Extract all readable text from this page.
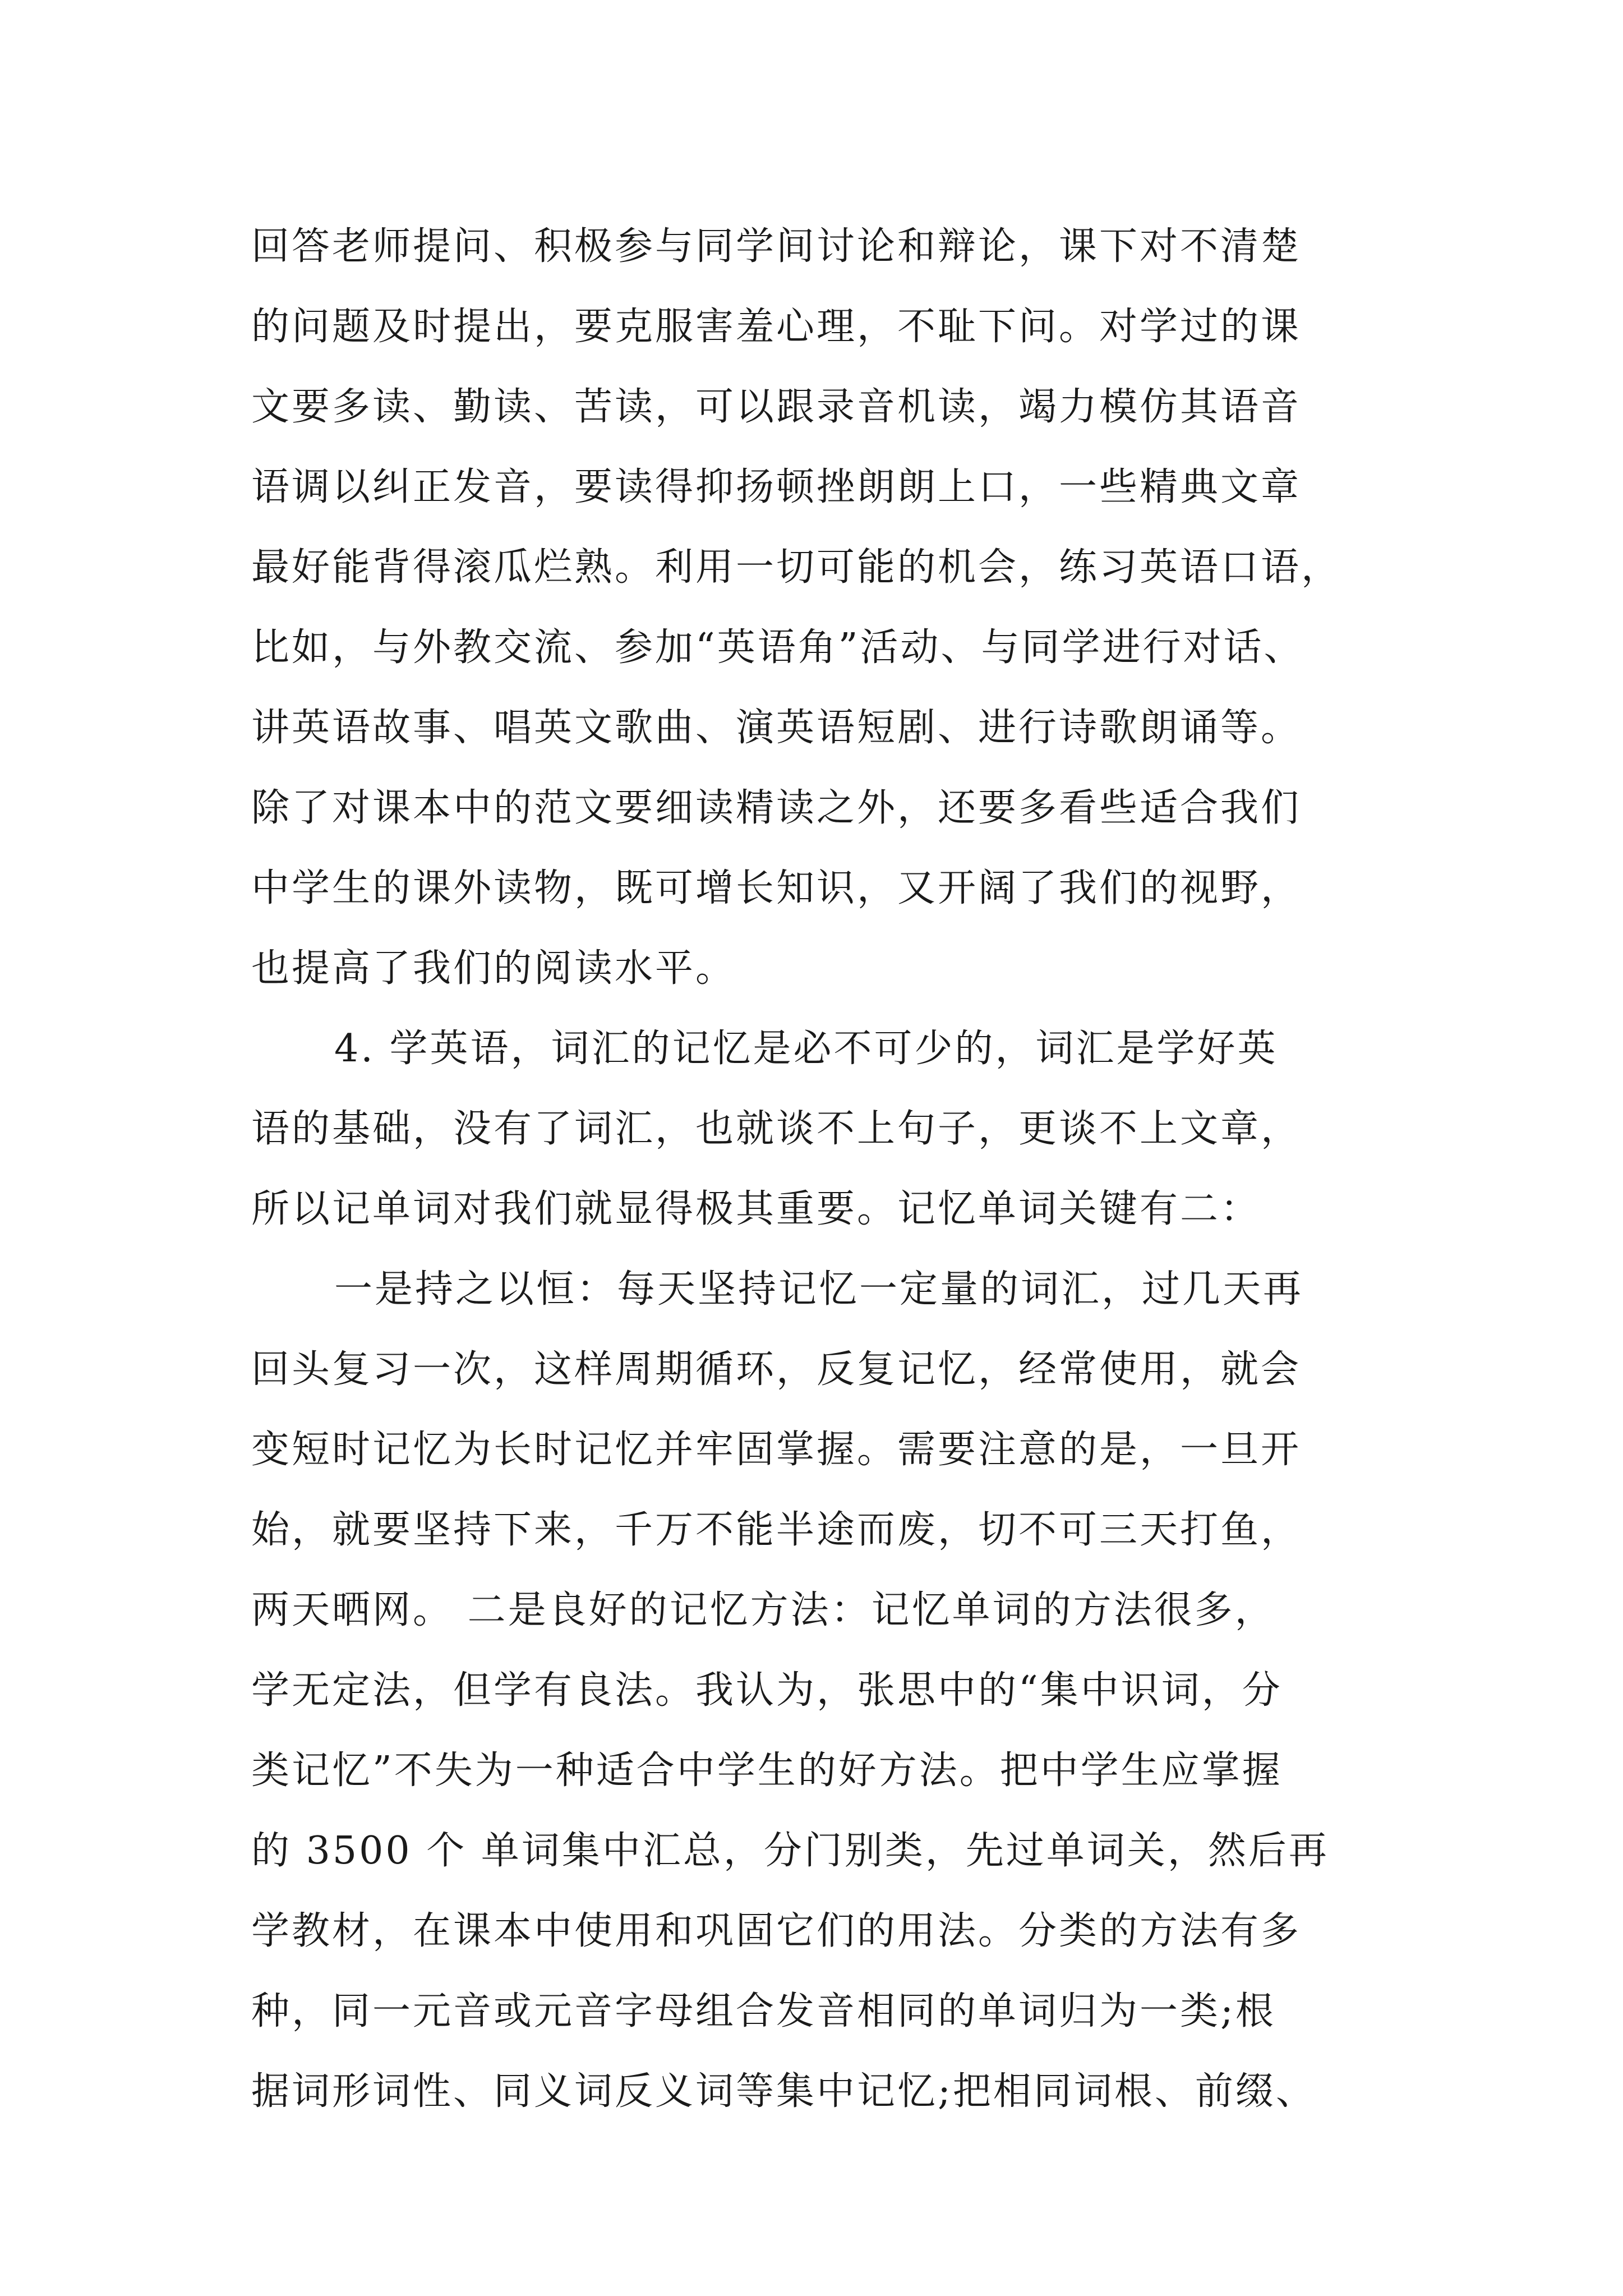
回答老师提问、积极参与同学间讨论和辩论，课下对不清楚
的问题及时提出，要克服害羞心理，不耻下问。对学过的课
文要多读、勤读、苦读，可以跟录音机读，竭力模仿其语音
语调以纠正发音，要读得抑扬顿挫朗朗上口，一些精典文章
最好能背得滚瓜烂熟。利用一切可能的机会，练习英语口语，
比如，与外教交流、参加“英语角”活动、与同学进行对话、
讲英语故事、唱英文歌曲、演英语短剧、进行诗歌朗诵等。
除了对课本中的范文要细读精读之外，还要多看些适合我们
中学生的课外读物，既可增长知识，又开阔了我们的视野，
也提高了我们的阅读水平。
4. 学英语，词汇的记忆是必不可少的，词汇是学好英
语的基础，没有了词汇，也就谈不上句子，更谈不上文章，
所以记单词对我们就显得极其重要。记忆单词关键有二：
一是持之以恒：每天坚持记忆一定量的词汇，过几天再
回头复习一次，这样周期循环，反复记忆，经常使用，就会
变短时记忆为长时记忆并牢固掌握。需要注意的是，一旦开
始，就要坚持下来，千万不能半途而废，切不可三天打鱼，
两天晒网。 二是良好的记忆方法：记忆单词的方法很多，
学无定法，但学有良法。我认为，张思中的“集中识词，分
类记忆”不失为一种适合中学生的好方法。把中学生应掌握
的 3500 个 单词集中汇总，分门别类，先过单词关，然后再
学教材，在课本中使用和巩固它们的用法。分类的方法有多
种，同一元音或元音字母组合发音相同的单词归为一类;根
据词形词性、同义词反义词等集中记忆;把相同词根、前缀、
